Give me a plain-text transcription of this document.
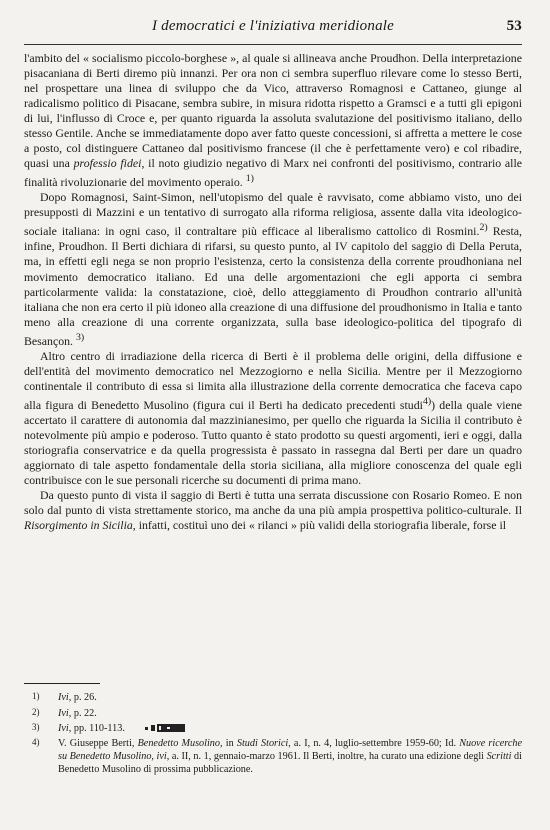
I democratici e l'iniziativa meridionale	53

l'ambito del « socialismo piccolo-borghese », al quale si allineava anche Proudhon. Della interpretazione pisacaniana di Berti diremo più innanzi. Per ora non ci sembra superfluo rilevare come lo stesso Berti, nel prospettare una linea di sviluppo che da Vico, attraverso Romagnosi e Cattaneo, giunge al radicalismo politico di Pisacane, sembra subire, in misura ridotta rispetto a Gramsci e a tutti gli epigoni di lui, l'influsso di Croce e, per quanto riguarda la assoluta svalutazione del positivismo italiano, dello stesso Gentile. Anche se immediatamente dopo aver fatto queste concessioni, si affretta a mettere le cose a posto, col distinguere Cattaneo dal positivismo francese (il che è perfettamente vero) e col ribadire, quasi una professio fidei, il noto giudizio negativo di Marx nei confronti del positivismo, contrario alle finalità rivoluzionarie del movimento operaio. $^{1)}$

Dopo Romagnosi, Saint-Simon, nell'utopismo del quale è ravvisato, come abbiamo visto, uno dei presupposti di Mazzini e un tentativo di surrogato alla riforma religiosa, assente dalla vita ideologico-sociale italiana: in ogni caso, il contraltare più efficace al liberalismo cattolico di Rosmini.$^{2)}$ Resta, infine, Proudhon. Il Berti dichiara di rifarsi, su questo punto, al IV capitolo del saggio di Della Peruta, ma, in effetti egli nega se non proprio l'esistenza, certo la consistenza della corrente proudhoniana nel movimento democratico italiano. Ed una delle argomentazioni che egli apporta ci sembra particolarmente valida: la constatazione, cioè, dello atteggiamento di Proudhon contrario all'unità italiana che non era certo il più idoneo alla creazione di una diffusione del proudhonismo in Italia e tanto meno alla creazione di una corrente organizzata, sulla base ideologico-politica del tipografo di Besançon. $^{3)}$

Altro centro di irradiazione della ricerca di Berti è il problema delle origini, della diffusione e dell'entità del movimento democratico nel Mezzogiorno e nella Sicilia. Mentre per il Mezzogiorno continentale il contributo di essa si limita alla illustrazione della corrente democratica che faceva capo alla figura di Benedetto Musolino (figura cui il Berti ha dedicato precedenti studi$^{4)}$) della quale viene accertato il carattere di autonomia dal mazzinianesimo, per quello che riguarda la Sicilia il contributo è notevolmente più ampio e poderoso. Tutto quanto è stato prodotto su questi argomenti, ieri e oggi, dalla storiografia conservatrice e da quella progressista è passato in rassegna dal Berti per dare un quadro aggiornato di tale aspetto fondamentale della storia siciliana, alla migliore conoscenza del quale egli contribuisce con le sue personali ricerche su documenti di prima mano.

Da questo punto di vista il saggio di Berti è tutta una serrata discussione con Rosario Romeo. E non solo dal punto di vista strettamente storico, ma anche da una più ampia prospettiva politico-culturale. Il Risorgimento in Sicilia, infatti, costituì uno dei « rilanci » più validi della storiografia liberale, forse il

1) Ivi, p. 26.

2) Ivi, p. 22.

3) Ivi, pp. 110-113.

4) V. Giuseppe Berti, Benedetto Musolino, in Studi Storici, a. I, n. 4, luglio-settembre 1959-60; Id. Nuove ricerche su Benedetto Musolino, ivi, a. II, n. 1, gennaio-marzo 1961. Il Berti, inoltre, ha curato una edizione degli Scritti di Benedetto Musolino di prossima pubblicazione.
